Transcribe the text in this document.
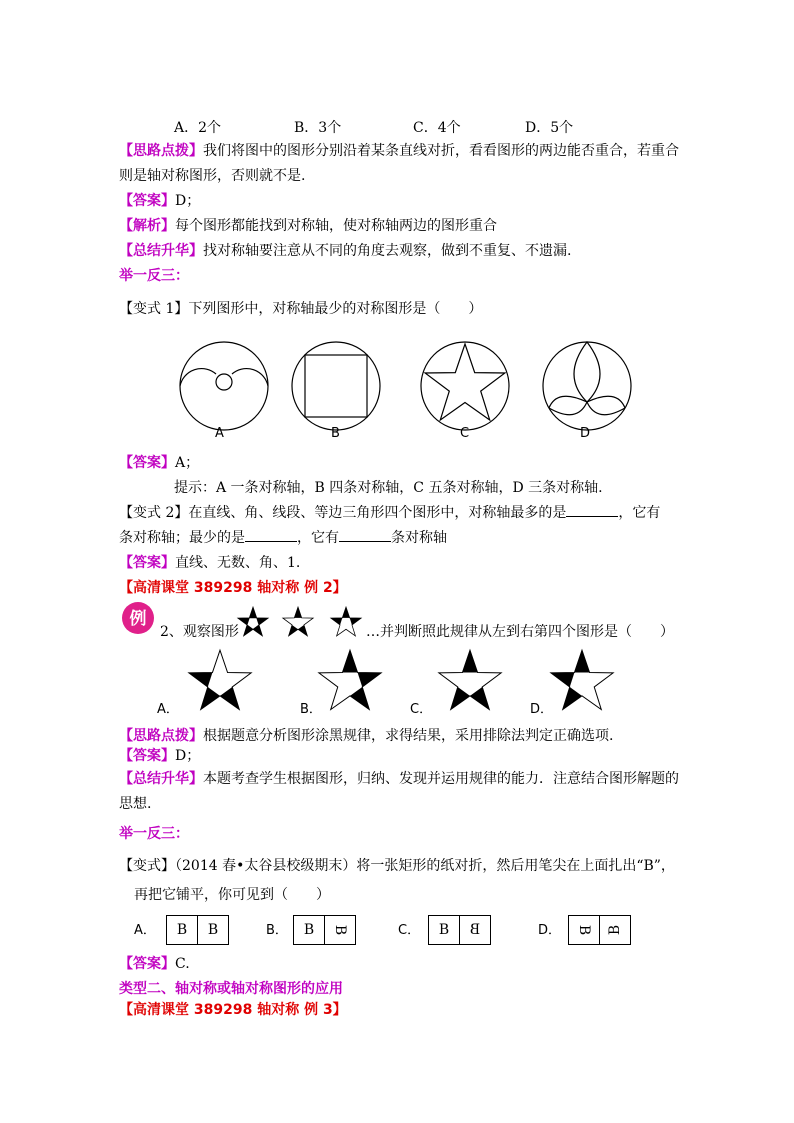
A．2个	B．3个	C．4个	D．5个
【思路点拨】我们将图中的图形分别沿着某条直线对折，看看图形的两边能否重合，若重合
则是轴对称图形，否则就不是.
【答案】D；
【解析】每个图形都能找到对称轴，使对称轴两边的图形重合
【总结升华】找对称轴要注意从不同的角度去观察，做到不重复、不遗漏.
举一反三：
【变式 1】下列图形中，对称轴最少的对称图形是（　　）
A	B	C	D
【答案】A；
提示：A 一条对称轴，B 四条对称轴，C 五条对称轴，D 三条对称轴.
【变式 2】在直线、角、线段、等边三角形四个图形中，对称轴最多的是	，它有
条对称轴；最少的是	，它有	条对称轴
【答案】直线、无数、角、1.
【高清课堂 389298 轴对称 例 2】
例
2、观察图形	…并判断照此规律从左到右第四个图形是（　　）
A．	B．	C．	D．
【思路点拨】根据题意分析图形涂黑规律，求得结果，采用排除法判定正确选项.
【答案】D；
【总结升华】本题考查学生根据图形，归纳、发现并运用规律的能力．注意结合图形解题的
思想.
举一反三：
【变式】（2014 春•太谷县校级期末）将一张矩形的纸对折，然后用笔尖在上面扎出“B”，
再把它铺平，你可见到（　　）
A．	B	B	B．	B	B	C．	B	B	D．	B	B
【答案】C.
类型二、轴对称或轴对称图形的应用
【高清课堂 389298 轴对称 例 3】
